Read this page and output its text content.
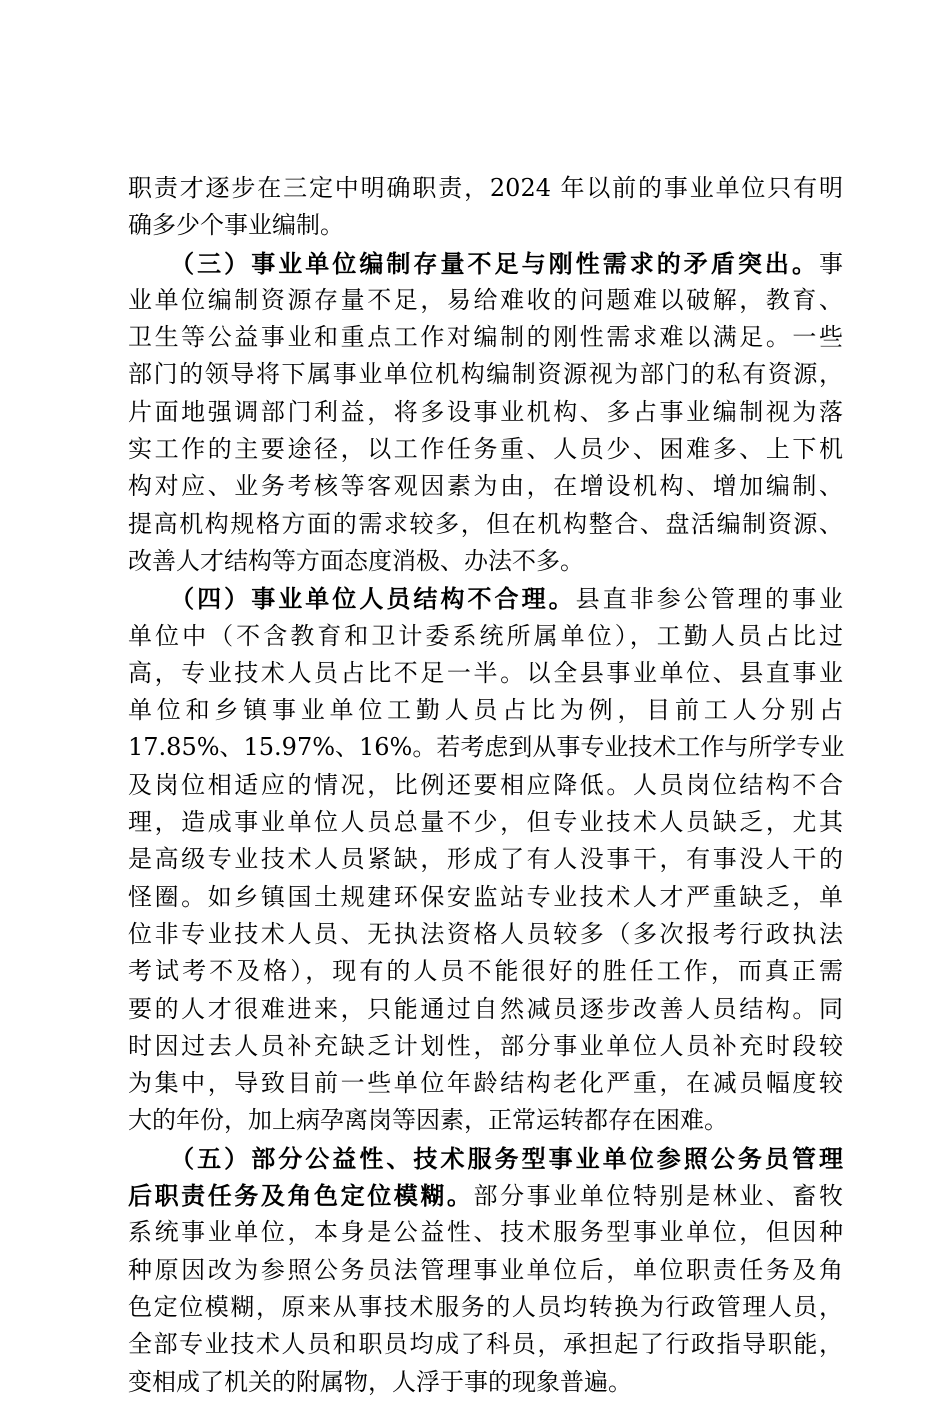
职责才逐步在三定中明确职责，2024 年以前的事业单位只有明
确多少个事业编制。
　　（三）事业单位编制存量不足与刚性需求的矛盾突出。事
业单位编制资源存量不足，易给难收的问题难以破解，教育、
卫生等公益事业和重点工作对编制的刚性需求难以满足。一些
部门的领导将下属事业单位机构编制资源视为部门的私有资源，
片面地强调部门利益，将多设事业机构、多占事业编制视为落
实工作的主要途径，以工作任务重、人员少、困难多、上下机
构对应、业务考核等客观因素为由，在增设机构、增加编制、
提高机构规格方面的需求较多，但在机构整合、盘活编制资源、
改善人才结构等方面态度消极、办法不多。
　　（四）事业单位人员结构不合理。县直非参公管理的事业
单位中（不含教育和卫计委系统所属单位），工勤人员占比过
高，专业技术人员占比不足一半。以全县事业单位、县直事业
单位和乡镇事业单位工勤人员占比为例，目前工人分别占
17.85%、15.97%、16%。若考虑到从事专业技术工作与所学专业
及岗位相适应的情况，比例还要相应降低。人员岗位结构不合
理，造成事业单位人员总量不少，但专业技术人员缺乏，尤其
是高级专业技术人员紧缺，形成了有人没事干，有事没人干的
怪圈。如乡镇国土规建环保安监站专业技术人才严重缺乏，单
位非专业技术人员、无执法资格人员较多（多次报考行政执法
考试考不及格），现有的人员不能很好的胜任工作，而真正需
要的人才很难进来，只能通过自然减员逐步改善人员结构。同
时因过去人员补充缺乏计划性，部分事业单位人员补充时段较
为集中，导致目前一些单位年龄结构老化严重，在减员幅度较
大的年份，加上病孕离岗等因素，正常运转都存在困难。
　　（五）部分公益性、技术服务型事业单位参照公务员管理
后职责任务及角色定位模糊。部分事业单位特别是林业、畜牧
系统事业单位，本身是公益性、技术服务型事业单位，但因种
种原因改为参照公务员法管理事业单位后，单位职责任务及角
色定位模糊，原来从事技术服务的人员均转换为行政管理人员，
全部专业技术人员和职员均成了科员，承担起了行政指导职能，
变相成了机关的附属物，人浮于事的现象普遍。
